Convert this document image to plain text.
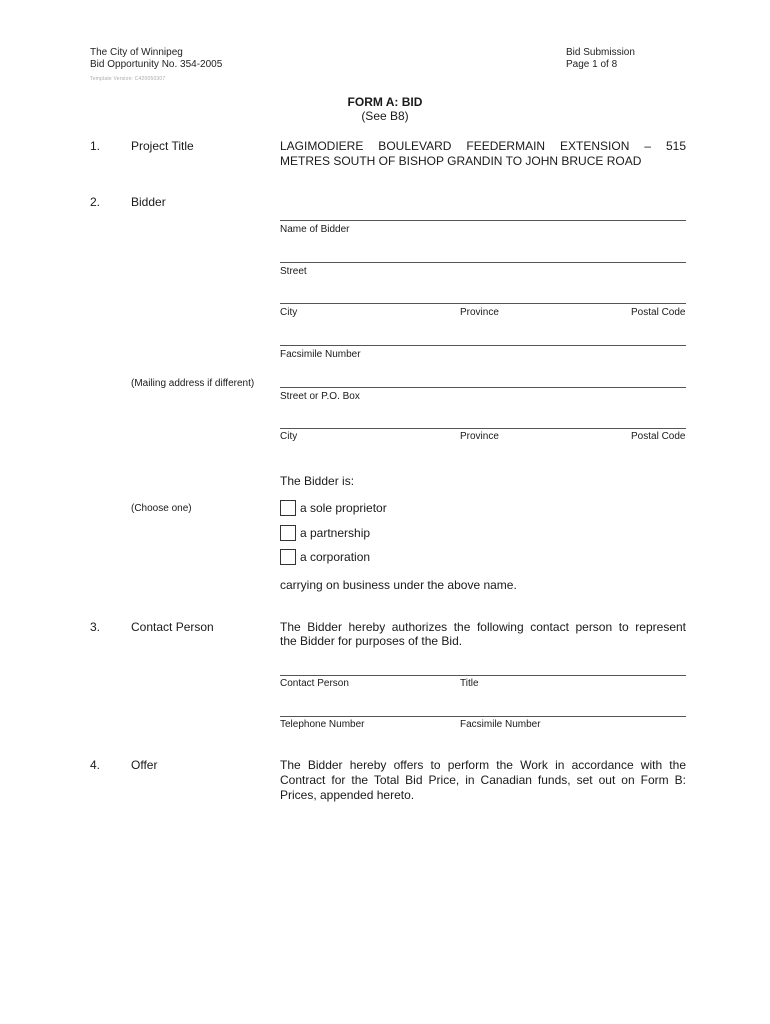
The City of Winnipeg
Bid Opportunity No. 354-2005
Template Version: C420050307
Bid Submission
Page 1 of 8
FORM A: BID
(See B8)
1.	Project Title	LAGIMODIERE BOULEVARD FEEDERMAIN EXTENSION – 515
METRES SOUTH OF BISHOP GRANDIN TO JOHN BRUCE ROAD
2.	Bidder
Name of Bidder
Street
City	Province	Postal Code
Facsimile Number
(Mailing address if different)
Street or P.O. Box
City	Province	Postal Code
The Bidder is:
(Choose one)	a sole proprietor
a partnership
a corporation
carrying on business under the above name.
3.	Contact Person	The Bidder hereby authorizes the following contact person to represent
the Bidder for purposes of the Bid.
Contact Person	Title
Telephone Number	Facsimile Number
4.	Offer	The Bidder hereby offers to perform the Work in accordance with the
Contract for the Total Bid Price, in Canadian funds, set out on Form B:
Prices, appended hereto.
